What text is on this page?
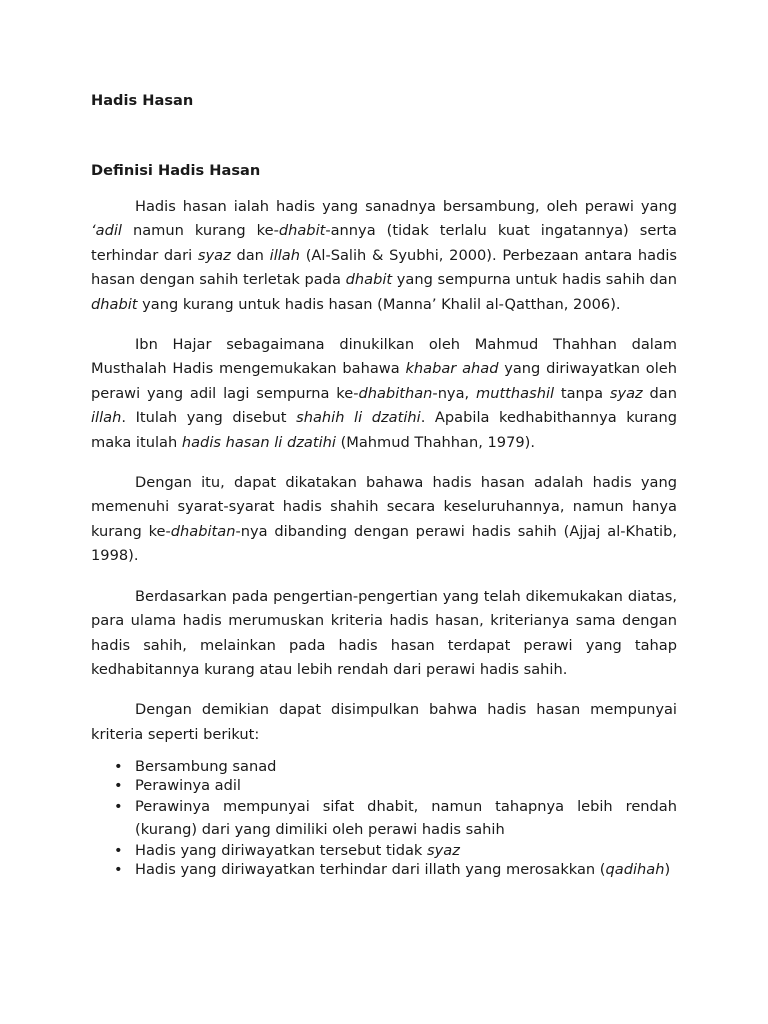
Hadis Hasan
Definisi Hadis Hasan

Hadis hasan ialah hadis yang sanadnya bersambung, oleh perawi yang ‘adil namun kurang ke-dhabit-annya (tidak terlalu kuat ingatannya) serta terhindar dari syaz dan illah (Al-Salih & Syubhi, 2000). Perbezaan antara hadis hasan dengan sahih terletak pada dhabit yang sempurna untuk hadis sahih dan dhabit yang kurang untuk hadis hasan (Manna’ Khalil al-Qatthan, 2006).

Ibn Hajar sebagaimana dinukilkan oleh Mahmud Thahhan dalam Musthalah Hadis mengemukakan bahawa khabar ahad yang diriwayatkan oleh perawi yang adil lagi sempurna ke-dhabithan-nya, mutthashil tanpa syaz dan illah. Itulah yang disebut shahih li dzatihi. Apabila kedhabithannya kurang maka itulah hadis hasan li dzatihi (Mahmud Thahhan, 1979).

Dengan itu, dapat dikatakan bahawa hadis hasan adalah hadis yang memenuhi syarat-syarat hadis shahih secara keseluruhannya, namun hanya kurang ke-dhabitan-nya dibanding dengan perawi hadis sahih (Ajjaj al-Khatib, 1998).

Berdasarkan pada pengertian-pengertian yang telah dikemukakan diatas, para ulama hadis merumuskan kriteria hadis hasan, kriterianya sama dengan hadis sahih, melainkan pada hadis hasan terdapat perawi yang tahap kedhabitannya kurang atau lebih rendah dari perawi hadis sahih.

Dengan demikian dapat disimpulkan bahwa hadis hasan mempunyai kriteria seperti berikut:

• Bersambung sanad
• Perawinya adil
• Perawinya mempunyai sifat dhabit, namun tahapnya lebih rendah (kurang) dari yang dimiliki oleh perawi hadis sahih
• Hadis yang diriwayatkan tersebut tidak syaz
• Hadis yang diriwayatkan terhindar dari illath yang merosakkan (qadihah)
